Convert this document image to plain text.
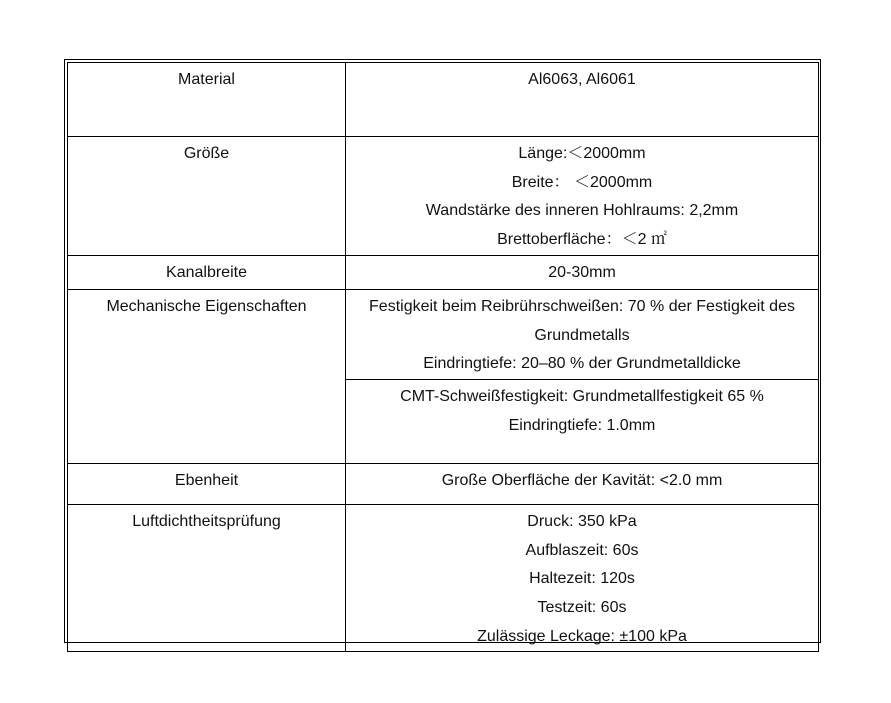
Material	Al6063, Al6061

Größe	Länge:＜2000mm
Breite： ＜2000mm
Wandstärke des inneren Hohlraums: 2,2mm
Brettoberfläche：＜2 ㎡

Kanalbreite	20-30mm

Mechanische Eigenschaften	Festigkeit beim Reibrührschweißen: 70 % der Festigkeit des Grundmetalls
Eindringtiefe: 20–80 % der Grundmetalldicke

	CMT-Schweißfestigkeit: Grundmetallfestigkeit 65 %
Eindringtiefe: 1.0mm

Ebenheit	Große Oberfläche der Kavität: <2.0 mm

Luftdichtheitsprüfung	Druck: 350 kPa
Aufblaszeit: 60s
Haltezeit: 120s
Testzeit: 60s
Zulässige Leckage: ±100 kPa
